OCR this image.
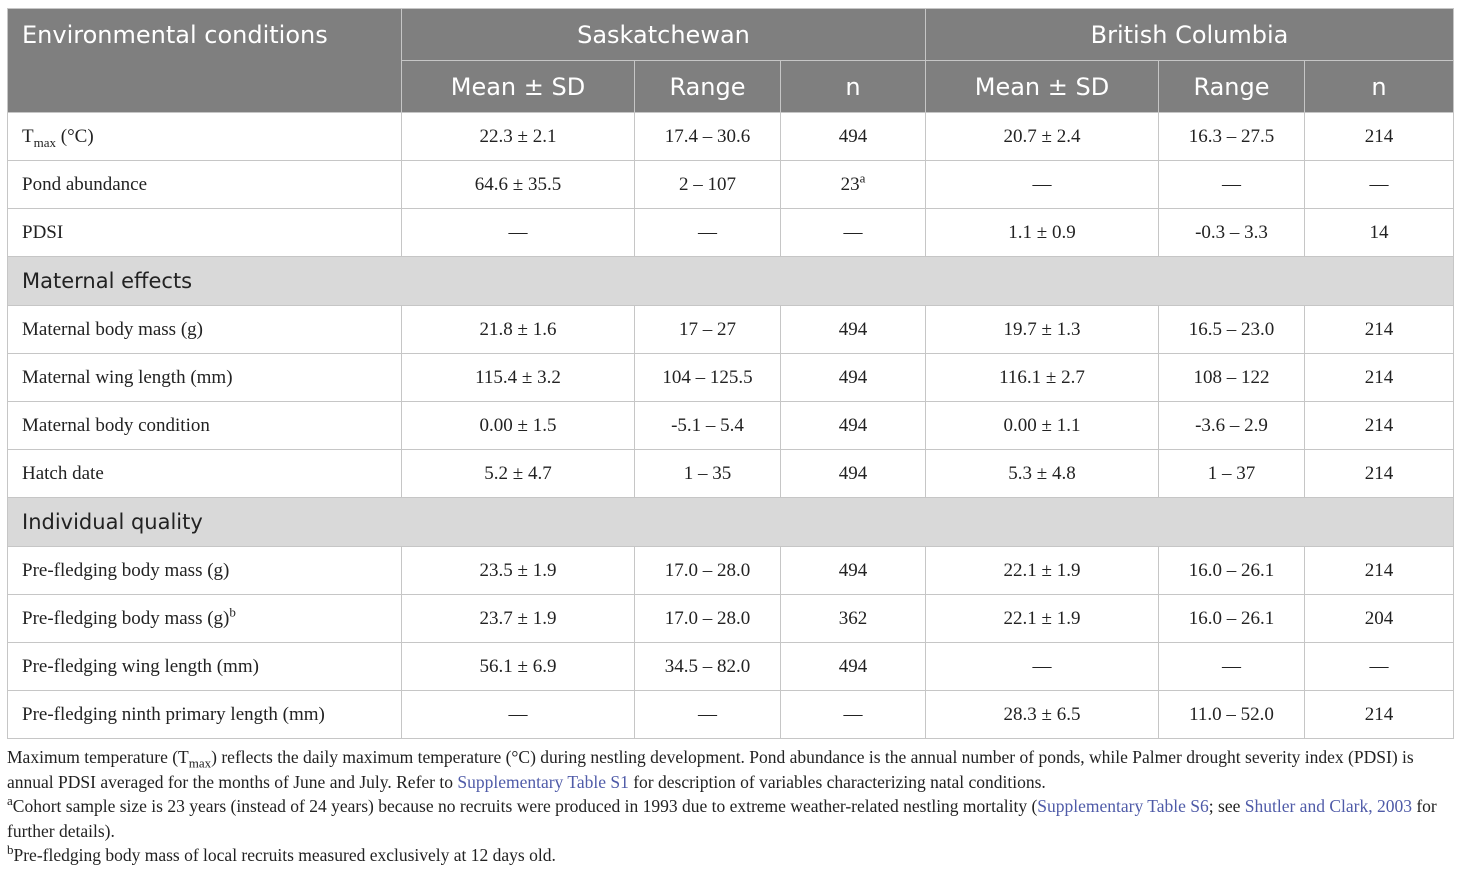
Environmental conditions	Saskatchewan			British Columbia		
	Mean ± SD	Range	n	Mean ± SD	Range	n
$T_{max}$ (°C)	22.3 ± 2.1	17.4 – 30.6	494	20.7 ± 2.4	16.3 – 27.5	214
Pond abundance	64.6 ± 35.5	2 – 107	23$^a$	—	—	—
PDSI	—	—	—	1.1 ± 0.9	-0.3 – 3.3	14
Maternal effects						
Maternal body mass (g)	21.8 ± 1.6	17 – 27	494	19.7 ± 1.3	16.5 – 23.0	214
Maternal wing length (mm)	115.4 ± 3.2	104 – 125.5	494	116.1 ± 2.7	108 – 122	214
Maternal body condition	0.00 ± 1.5	-5.1 – 5.4	494	0.00 ± 1.1	-3.6 – 2.9	214
Hatch date	5.2 ± 4.7	1 – 35	494	5.3 ± 4.8	1 – 37	214
Individual quality						
Pre-fledging body mass (g)	23.5 ± 1.9	17.0 – 28.0	494	22.1 ± 1.9	16.0 – 26.1	214
Pre-fledging body mass $(g)^b$	23.7 ± 1.9	17.0 – 28.0	362	22.1 ± 1.9	16.0 – 26.1	204
Pre-fledging wing length (mm)	56.1 ± 6.9	34.5 – 82.0	494	—	—	—
Pre-fledging ninth primary length (mm)	—	—	—	28.3 ± 6.5	11.0 – 52.0	214

Maximum temperature $(T_{max})$ reflects the daily maximum temperature (°C) during nestling development. Pond abundance is the annual number of ponds, while Palmer drought severity index (PDSI) is annual PDSI averaged for the months of June and July. Refer to Supplementary Table S1 for description of variables characterizing natal conditions.

$^a$Cohort sample size is 23 years (instead of 24 years) because no recruits were produced in 1993 due to extreme weather-related nestling mortality (Supplementary Table S6; see Shutler and Clark, 2003 for further details).

$^b$Pre-fledging body mass of local recruits measured exclusively at 12 days old.
